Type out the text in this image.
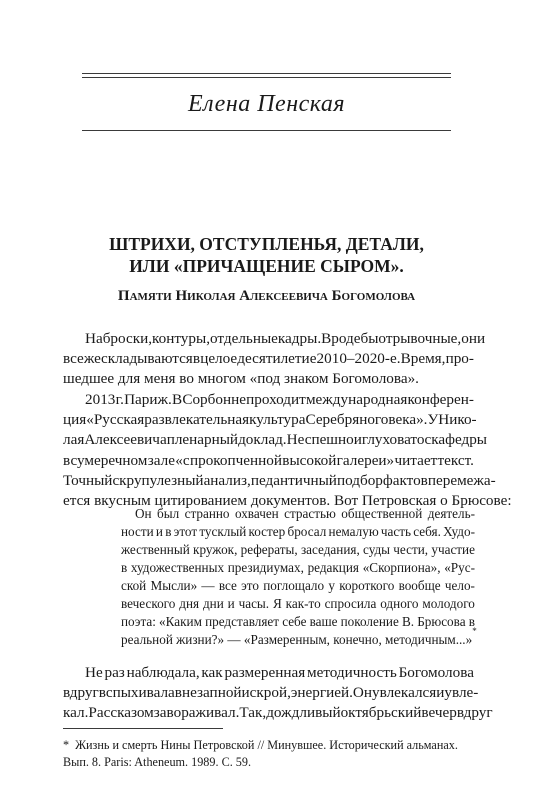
Елена Пенская
ШТРИХИ, ОТСТУПЛЕНЬЯ, ДЕТАЛИ,
ИЛИ «ПРИЧАЩЕНИЕ СЫРОМ».
Памяти Николая Алексеевича Богомолова
Наброски, контуры, отдельные кадры. Вроде бы отрывочные, они
все же складываются в целое десятилетие 2010–2020-е. Время, про-
шедшее для меня во многом «под знаком Богомолова».
2013 г. Париж. В Сорбонне проходит международная конферен-
ция «Русская развлекательная культура Серебряного века». У Нико-
лая Алексеевича пленарный доклад. Неспешно и глуховато с кафедры
в сумеречном зале «с прокопченной высокой галереи» читает текст.
Точный скрупулезный анализ, педантичный подбор фактов перемежа-
ется вкусным цитированием документов. Вот Петровская о Брюсове:
Он был странно охвачен страстью общественной деятель-
ности и в этот тусклый костер бросал немалую часть себя. Худо-
жественный кружок, рефераты, заседания, суды чести, участие
в художественных президиумах, редакция «Скорпиона», «Рус-
ской Мысли» — все это поглощало у короткого вообще чело-
веческого дня дни и часы. Я как-то спросила одного молодого
поэта: «Каким представляет себе ваше поколение В. Брюсова в
реальной жизни?» — «Размеренным, конечно, методичным...»
*
Не раз наблюдала, как размеренная методичность Богомолова
вдруг вспыхивала внезапной искрой, энергией. Он увлекался и увле-
кал. Рассказом завораживал. Так, дождливый октябрьский вечер вдруг
* Жизнь и смерть Нины Петровской // Минувшее. Исторический альманах.
Вып. 8. Paris: Atheneum. 1989. С. 59.
